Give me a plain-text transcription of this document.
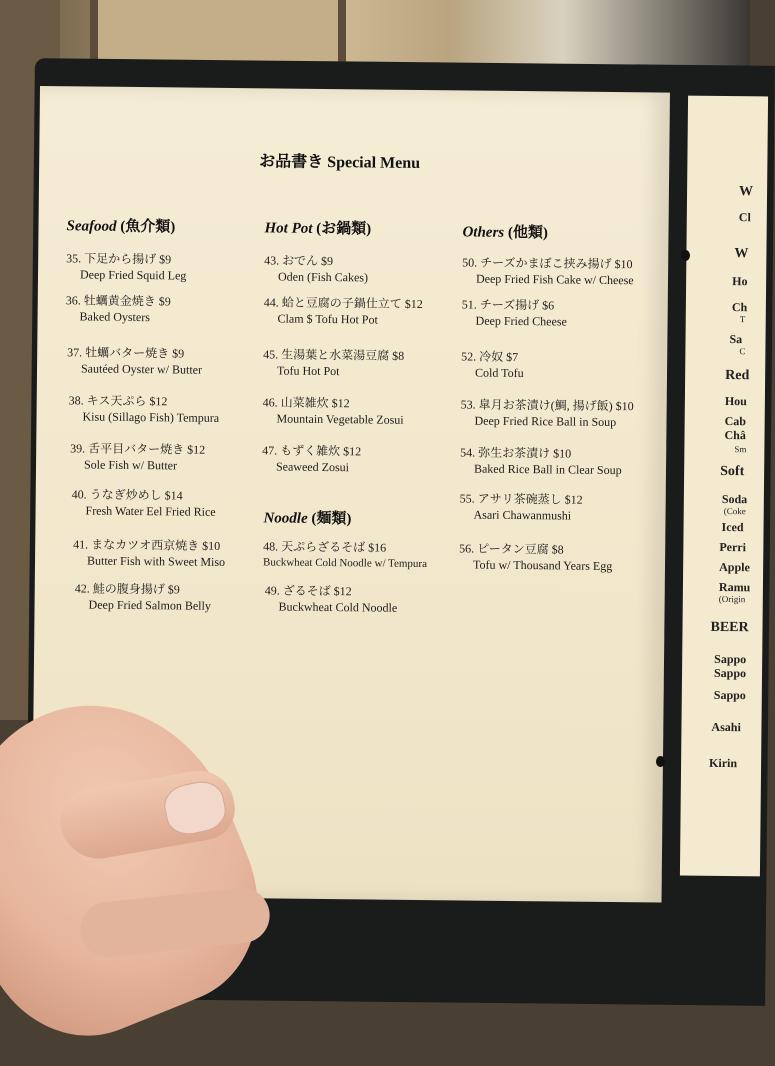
W
Cl
W
Ho
Ch
T
Sa
C
Red
Hou
Cab
Châ
Sm
Soft
Soda
(Coke
Iced
Perri
Apple
Ramu
(Origin
BEER
Sappo
Sappo
Sappo
Asahi
Kirin
お品書き Special Menu
Seafood (魚介類)	Hot Pot (お鍋類)	Others (他類)
Noodle (麺類)
35. 下足から揚げ $9
Deep Fried Squid Leg
36. 牡蠣黄金焼き $9
Baked Oysters
37. 牡蠣バター焼き $9
Sautéed Oyster w/ Butter
38. キス天ぷら $12
Kisu (Sillago Fish) Tempura
39. 舌平目バター焼き $12
Sole Fish w/ Butter
40. うなぎ炒めし $14
Fresh Water Eel Fried Rice
41. まなカツオ西京焼き $10
Butter Fish with Sweet Miso
42. 鮭の腹身揚げ $9
Deep Fried Salmon Belly
43. おでん $9
Oden (Fish Cakes)
44. 蛤と豆腐の子鍋仕立て $12
Clam $ Tofu Hot Pot
45. 生湯葉と水菜湯豆腐 $8
Tofu Hot Pot
46. 山菜雑炊 $12
Mountain Vegetable Zosui
47. もずく雑炊 $12
Seaweed Zosui
48. 天ぷらざるそば $16
Buckwheat Cold Noodle w/ Tempura
49. ざるそば $12
Buckwheat Cold Noodle
50. チーズかまぼこ挟み揚げ $10
Deep Fried Fish Cake w/ Cheese
51. チーズ揚げ $6
Deep Fried Cheese
52. 冷奴 $7
Cold Tofu
53. 皐月お茶漬け(鯛, 揚げ飯) $10
Deep Fried Rice Ball in Soup
54. 弥生お茶漬け $10
Baked Rice Ball in Clear Soup
55. アサリ茶碗蒸し $12
Asari Chawanmushi
56. ピータン豆腐 $8
Tofu w/ Thousand Years Egg
